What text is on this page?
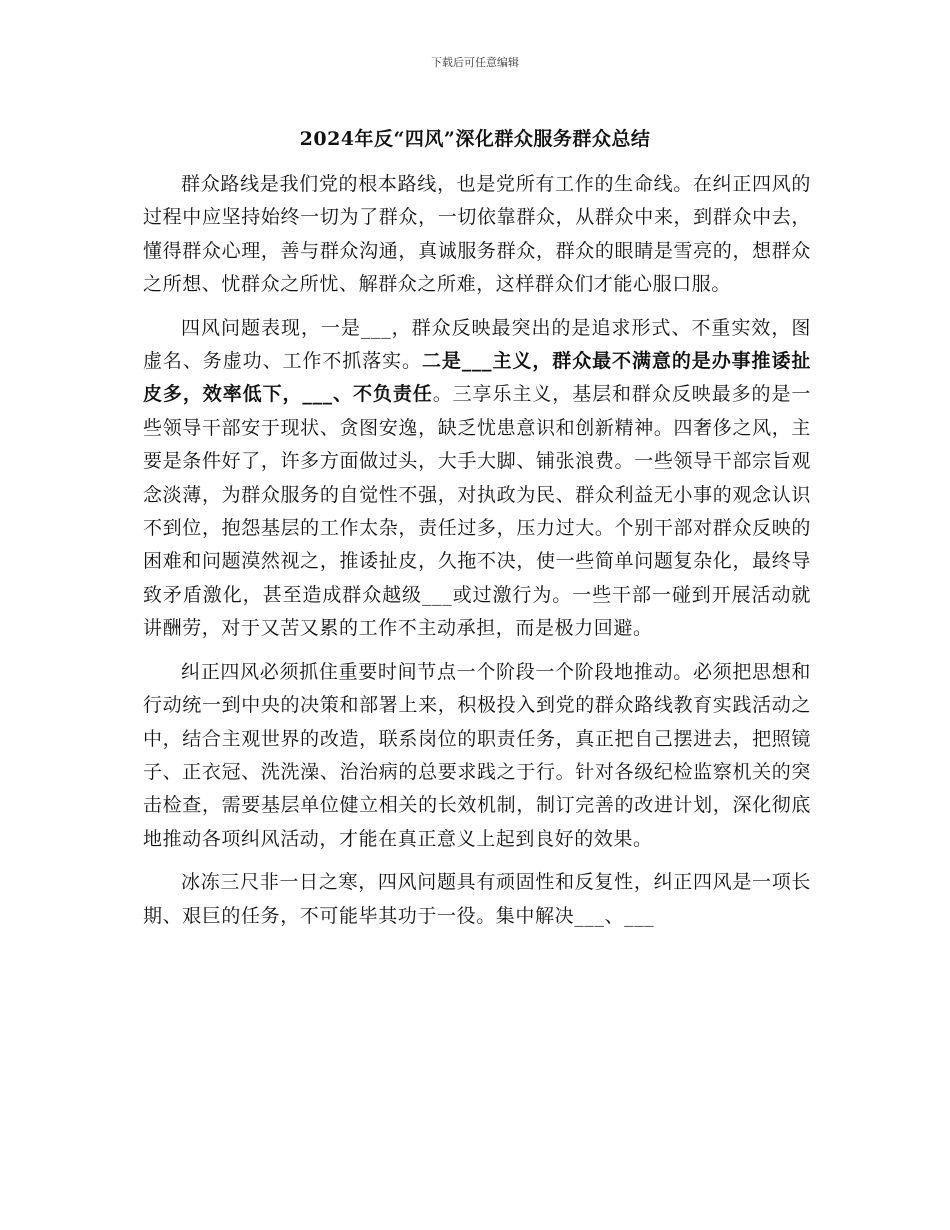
下载后可任意编辑
2024年反“四风”深化群众服务群众总结

群众路线是我们党的根本路线，也是党所有工作的生命线。在纠正四风的过程中应坚持始终一切为了群众，一切依靠群众，从群众中来，到群众中去，懂得群众心理，善与群众沟通，真诚服务群众，群众的眼睛是雪亮的，想群众之所想、忧群众之所忧、解群众之所难，这样群众们才能心服口服。

四风问题表现，一是___，群众反映最突出的是追求形式、不重实效，图虚名、务虚功、工作不抓落实。二是___主义，群众最不满意的是办事推诿扯皮多，效率低下，___、不负责任。三享乐主义，基层和群众反映最多的是一些领导干部安于现状、贪图安逸，缺乏忧患意识和创新精神。四奢侈之风，主要是条件好了，许多方面做过头，大手大脚、铺张浪费。一些领导干部宗旨观念淡薄，为群众服务的自觉性不强，对执政为民、群众利益无小事的观念认识不到位，抱怨基层的工作太杂，责任过多，压力过大。个别干部对群众反映的困难和问题漠然视之，推诿扯皮，久拖不决，使一些简单问题复杂化，最终导致矛盾激化，甚至造成群众越级___或过激行为。一些干部一碰到开展活动就讲酬劳，对于又苦又累的工作不主动承担，而是极力回避。

纠正四风必须抓住重要时间节点一个阶段一个阶段地推动。必须把思想和行动统一到中央的决策和部署上来，积极投入到党的群众路线教育实践活动之中，结合主观世界的改造，联系岗位的职责任务，真正把自己摆进去，把照镜子、正衣冠、洗洗澡、治治病的总要求践之于行。针对各级纪检监察机关的突击检查，需要基层单位健立相关的长效机制，制订完善的改进计划，深化彻底地推动各项纠风活动，才能在真正意义上起到良好的效果。

冰冻三尺非一日之寒，四风问题具有顽固性和反复性，纠正四风是一项长期、艰巨的任务，不可能毕其功于一役。集中解决___、___
